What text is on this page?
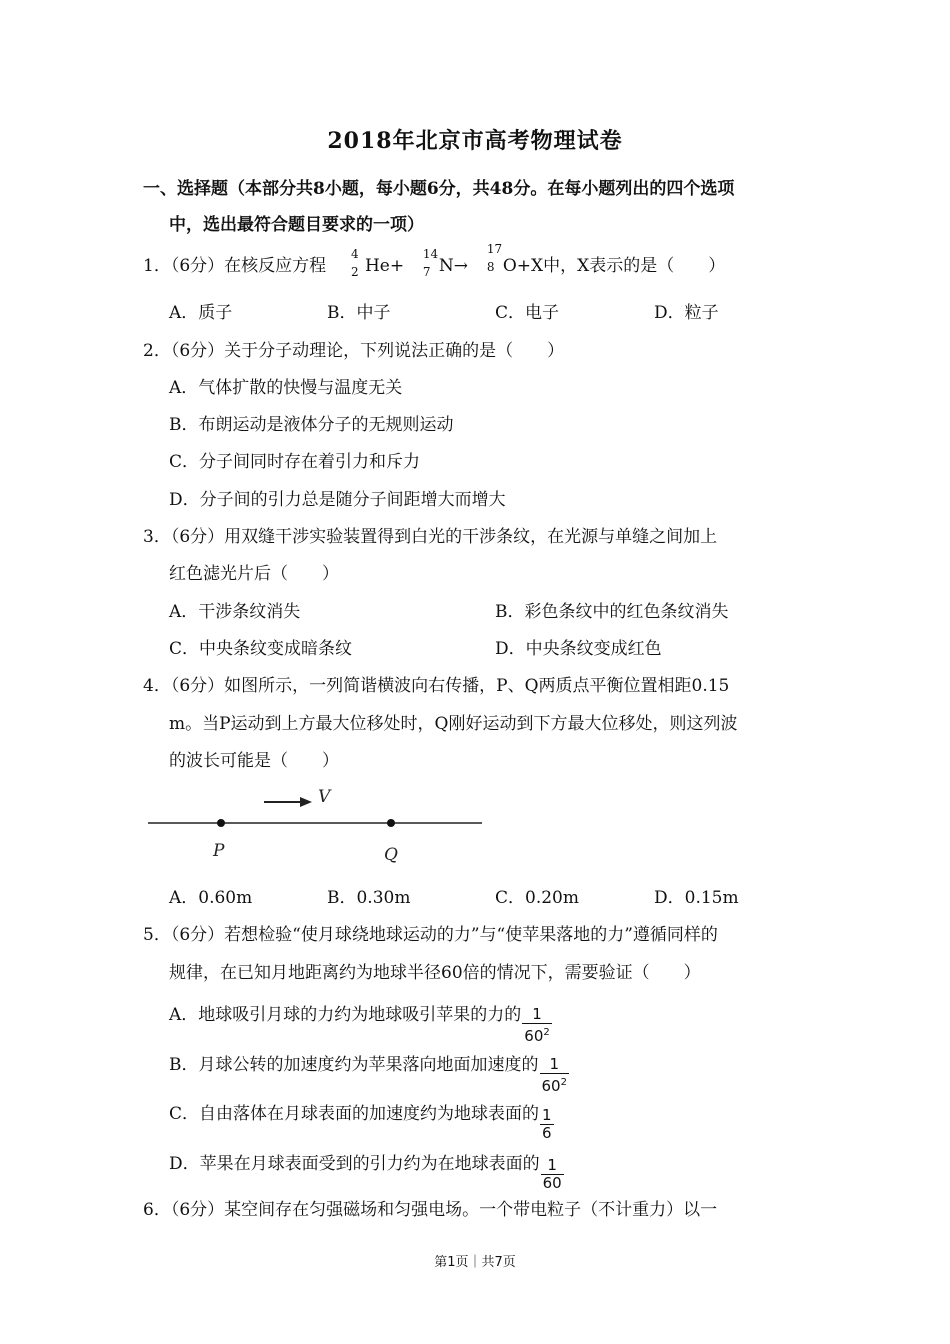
2018年北京市高考物理试卷
一、选择题（本部分共8小题，每小题6分，共48分。在每小题列出的四个选项
中，选出最符合题目要求的一项）
1．（6分）在核反应方程
4
2 He+
14
7 N→
17
8 O+X中，X表示的是（　　）
A．质子	B．中子	C．电子	D．粒子
2．（6分）关于分子动理论，下列说法正确的是（　　）
A．气体扩散的快慢与温度无关
B．布朗运动是液体分子的无规则运动
C．分子间同时存在着引力和斥力
D．分子间的引力总是随分子间距增大而增大
3．（6分）用双缝干涉实验装置得到白光的干涉条纹，在光源与单缝之间加上
红色滤光片后（　　）
A．干涉条纹消失	B．彩色条纹中的红色条纹消失
C．中央条纹变成暗条纹	D．中央条纹变成红色
4．（6分）如图所示，一列简谐横波向右传播，P、Q两质点平衡位置相距0.15
m。当P运动到上方最大位移处时，Q刚好运动到下方最大位移处，则这列波
的波长可能是（　　）
V
P	Q
A．0.60m	B．0.30m	C．0.20m	D．0.15m
5．（6分）若想检验“使月球绕地球运动的力”与“使苹果落地的力”遵循同样的
规律，在已知月地距离约为地球半径60倍的情况下，需要验证（　　）
A．地球吸引月球的力约为地球吸引苹果的力的 $\frac{1}{60^2}$
B．月球公转的加速度约为苹果落向地面加速度的 $\frac{1}{60^2}$
C．自由落体在月球表面的加速度约为地球表面的 $\frac{1}{6}$
D．苹果在月球表面受到的引力约为在地球表面的 $\frac{1}{60}$
6．（6分）某空间存在匀强磁场和匀强电场。一个带电粒子（不计重力）以一
第1页｜共7页
